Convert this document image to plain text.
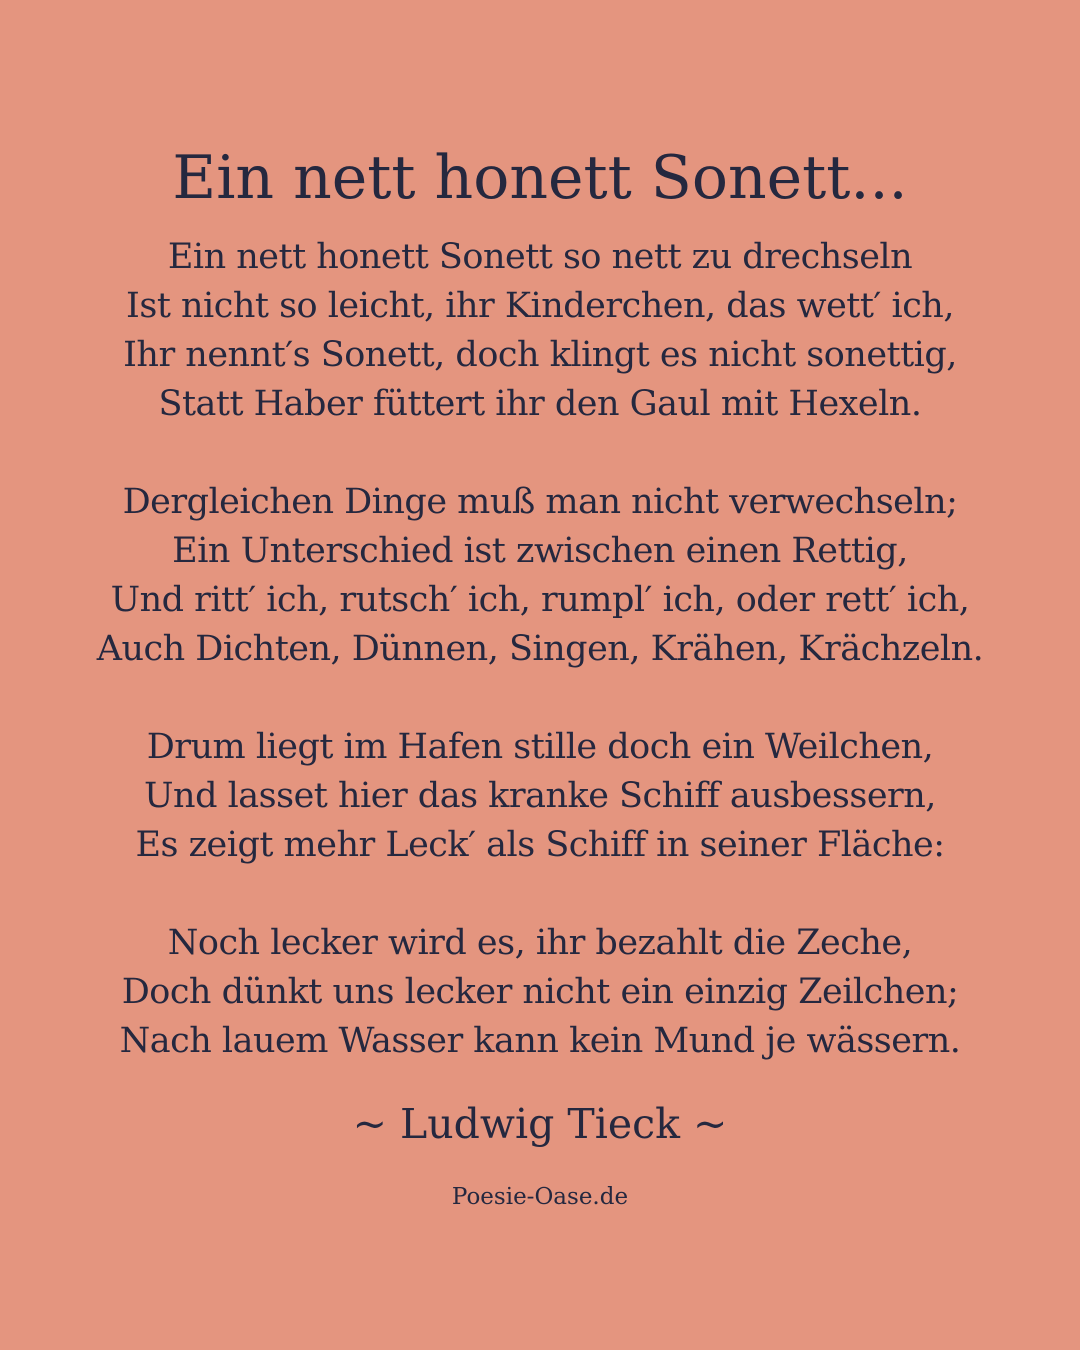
Ein nett honett Sonett...
Ein nett honett Sonett so nett zu drechseln
Ist nicht so leicht, ihr Kinderchen, das wett′ ich,
Ihr nennt′s Sonett, doch klingt es nicht sonettig,
Statt Haber füttert ihr den Gaul mit Hexeln.
Dergleichen Dinge muß man nicht verwechseln;
Ein Unterschied ist zwischen einen Rettig,
Und ritt′ ich, rutsch′ ich, rumpl′ ich, oder rett′ ich,
Auch Dichten, Dünnen, Singen, Krähen, Krächzeln.
Drum liegt im Hafen stille doch ein Weilchen,
Und lasset hier das kranke Schiff ausbessern,
Es zeigt mehr Leck′ als Schiff in seiner Fläche:
Noch lecker wird es, ihr bezahlt die Zeche,
Doch dünkt uns lecker nicht ein einzig Zeilchen;
Nach lauem Wasser kann kein Mund je wässern.
~ Ludwig Tieck ~
Poesie-Oase.de
